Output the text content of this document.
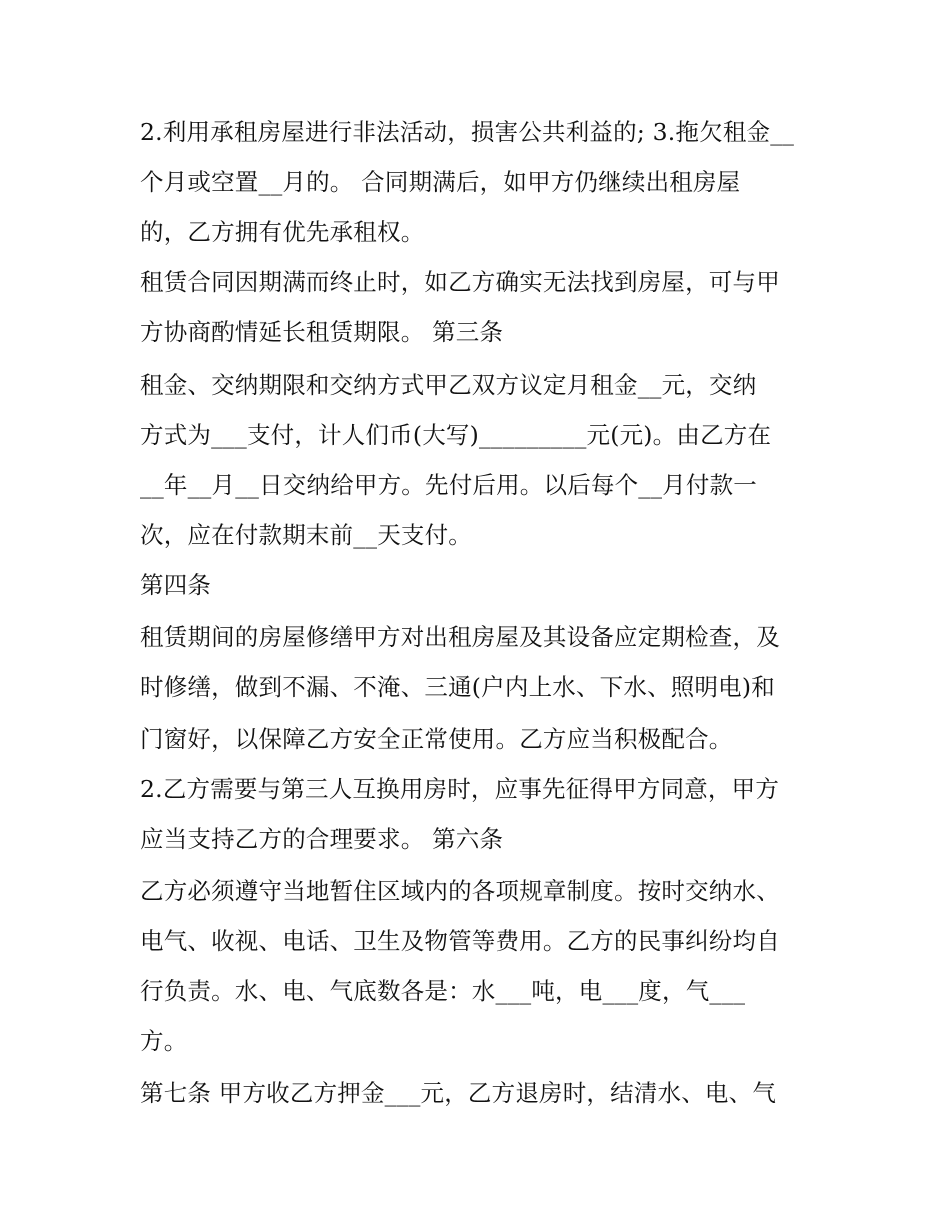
2.利用承租房屋进行非法活动，损害公共利益的; 3.拖欠租金__
个月或空置__月的。 合同期满后，如甲方仍继续出租房屋
的，乙方拥有优先承租权。
租赁合同因期满而终止时，如乙方确实无法找到房屋，可与甲
方协商酌情延长租赁期限。 第三条
租金、交纳期限和交纳方式甲乙双方议定月租金__元，交纳
方式为___支付，计人们币(大写)_________元(元)。由乙方在
__年__月__日交纳给甲方。先付后用。以后每个__月付款一
次，应在付款期末前__天支付。
第四条
租赁期间的房屋修缮甲方对出租房屋及其设备应定期检查，及
时修缮，做到不漏、不淹、三通(户内上水、下水、照明电)和
门窗好，以保障乙方安全正常使用。乙方应当积极配合。
2.乙方需要与第三人互换用房时，应事先征得甲方同意，甲方
应当支持乙方的合理要求。 第六条
乙方必须遵守当地暂住区域内的各项规章制度。按时交纳水、
电气、收视、电话、卫生及物管等费用。乙方的民事纠纷均自
行负责。水、电、气底数各是：水___吨，电___度，气___
方。
第七条 甲方收乙方押金___元，乙方退房时，结清水、电、气
